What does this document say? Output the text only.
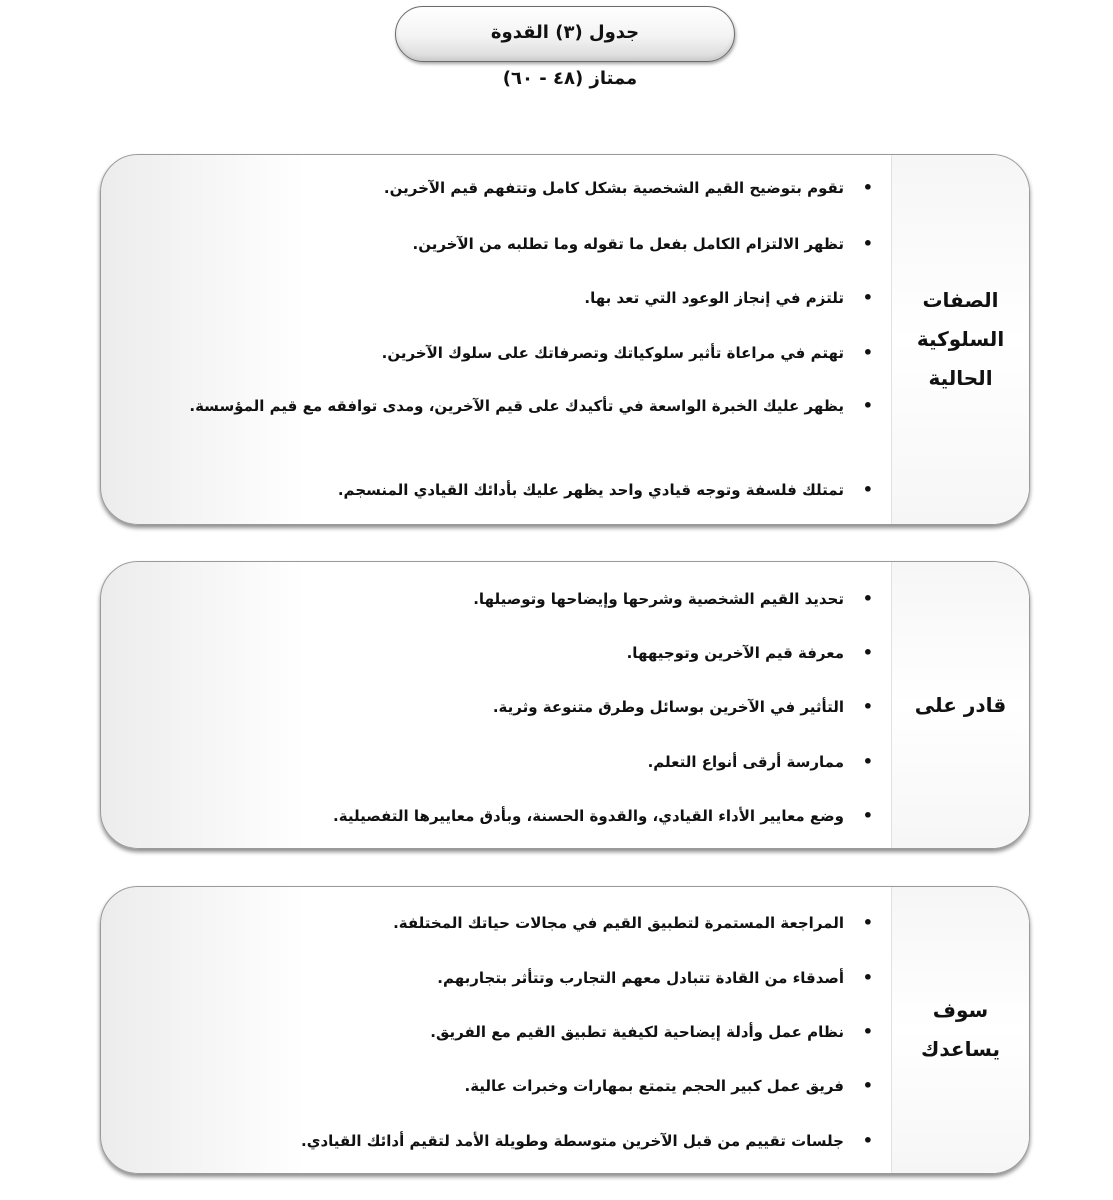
جدول (٣) القدوة
ممتاز (٤٨ - ٦٠)
الصفات
السلوكية
الحالية
• تقوم بتوضيح القيم الشخصية بشكل كامل وتتفهم قيم الآخرين.
• تظهر الالتزام الكامل بفعل ما تقوله وما تطلبه من الآخرين.
• تلتزم في إنجاز الوعود التي تعد بها.
• تهتم في مراعاة تأثير سلوكياتك وتصرفاتك على سلوك الآخرين.
• يظهر عليك الخبرة الواسعة في تأكيدك على قيم الآخرين، ومدى توافقه مع قيم المؤسسة.
• تمتلك فلسفة وتوجه قيادي واحد يظهر عليك بأدائك القيادي المنسجم.
قادر على
• تحديد القيم الشخصية وشرحها وإيضاحها وتوصيلها.
• معرفة قيم الآخرين وتوجيهها.
• التأثير في الآخرين بوسائل وطرق متنوعة وثرية.
• ممارسة أرقى أنواع التعلم.
• وضع معايير الأداء القيادي، والقدوة الحسنة، وبأدق معاييرها التفصيلية.
سوف
يساعدك
• المراجعة المستمرة لتطبيق القيم في مجالات حياتك المختلفة.
• أصدقاء من القادة تتبادل معهم التجارب وتتأثر بتجاربهم.
• نظام عمل وأدلة إيضاحية لكيفية تطبيق القيم مع الفريق.
• فريق عمل كبير الحجم يتمتع بمهارات وخبرات عالية.
• جلسات تقييم من قبل الآخرين متوسطة وطويلة الأمد لتقيم أدائك القيادي.
